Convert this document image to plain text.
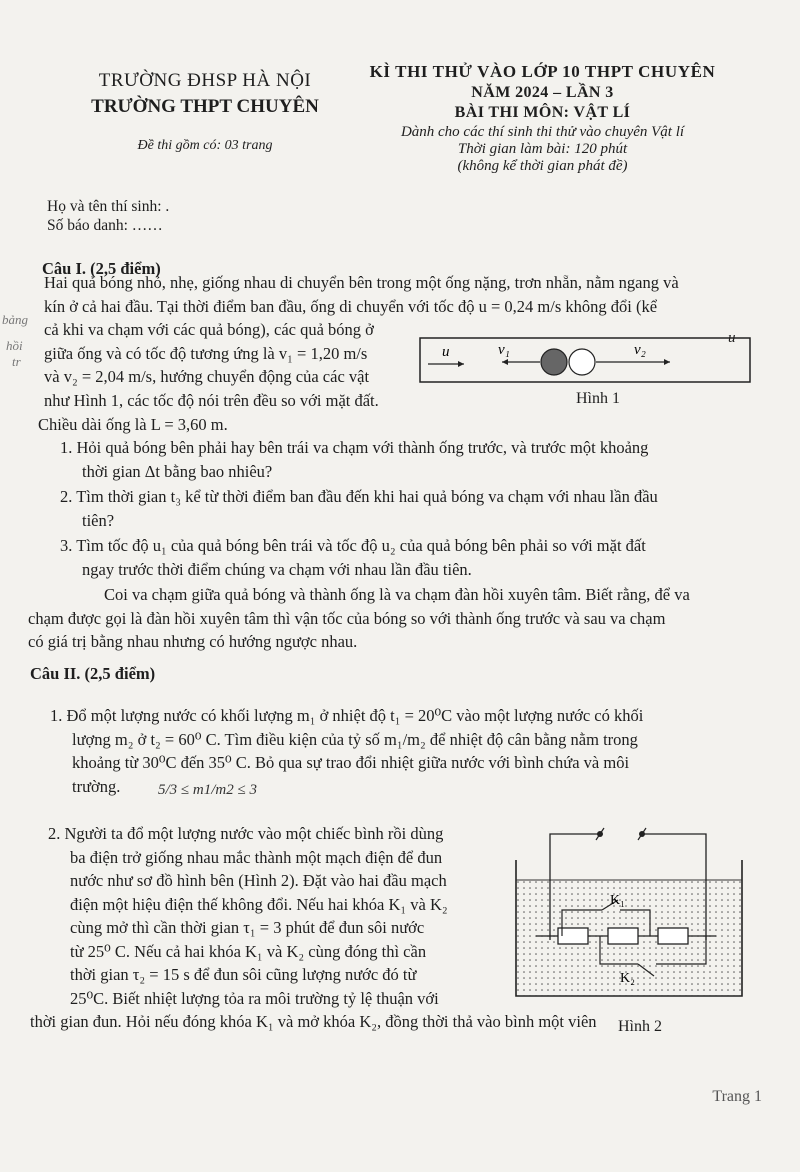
TRƯỜNG ĐHSP HÀ NỘI
TRƯỜNG THPT CHUYÊN
Đề thi gồm có: 03 trang
KÌ THI THỬ VÀO LỚP 10 THPT CHUYÊN
NĂM 2024 – LẦN 3
BÀI THI MÔN: VẬT LÍ
Dành cho các thí sinh thi thử vào chuyên Vật lí
Thời gian làm bài: 120 phút
(không kể thời gian phát đề)
Họ và tên thí sinh: .
Số báo danh: ……
bảng
hồi
tr
Câu I. (2,5 điểm)
Hai quả bóng nhỏ, nhẹ, giống nhau di chuyển bên trong một ống nặng, trơn nhẵn, nằm ngang và
kín ở cả hai đầu. Tại thời điểm ban đầu, ống di chuyển với tốc độ u = 0,24 m/s không đổi (kể
cả khi va chạm với các quả bóng), các quả bóng ở
giữa ống và có tốc độ tương ứng là v₁ = 1,20 m/s
và v₂ = 2,04 m/s, hướng chuyển động của các vật
như Hình 1, các tốc độ nói trên đều so với mặt đất.
Chiều dài ống là L = 3,60 m.
u	v₁	v₂
u
Hình 1
1. Hỏi quả bóng bên phải hay bên trái va chạm với thành ống trước, và trước một khoảng
thời gian Δt bằng bao nhiêu?
2. Tìm thời gian t₃ kể từ thời điểm ban đầu đến khi hai quả bóng va chạm với nhau lần đầu
tiên?
3. Tìm tốc độ u₁ của quả bóng bên trái và tốc độ u₂ của quả bóng bên phải so với mặt đất
ngay trước thời điểm chúng va chạm với nhau lần đầu tiên.
Coi va chạm giữa quả bóng và thành ống là va chạm đàn hồi xuyên tâm. Biết rằng, để va
chạm được gọi là đàn hồi xuyên tâm thì vận tốc của bóng so với thành ống trước và sau va chạm
có giá trị bằng nhau nhưng có hướng ngược nhau.
Câu II. (2,5 điểm)
1. Đổ một lượng nước có khối lượng m₁ ở nhiệt độ t₁ = 20⁰C vào một lượng nước có khối
lượng m₂ ở t₂ = 60⁰ C. Tìm điều kiện của tỷ số m₁/m₂ để nhiệt độ cân bằng nằm trong
khoảng từ 30⁰C đến 35⁰ C. Bỏ qua sự trao đổi nhiệt giữa nước với bình chứa và môi
trường.	5/3 ≤ m1/m2 ≤ 3
2. Người ta đổ một lượng nước vào một chiếc bình rồi dùng
ba điện trở giống nhau mắc thành một mạch điện để đun
nước như sơ đồ hình bên (Hình 2). Đặt vào hai đầu mạch
điện một hiệu điện thế không đổi. Nếu hai khóa K₁ và K₂
cùng mở thì cần thời gian τ₁ = 3 phút để đun sôi nước
từ 25⁰ C. Nếu cả hai khóa K₁ và K₂ cùng đóng thì cần
thời gian τ₂ = 15 s để đun sôi cũng lượng nước đó từ
25⁰C. Biết nhiệt lượng tỏa ra môi trường tỷ lệ thuận với
thời gian đun. Hỏi nếu đóng khóa K₁ và mở khóa K₂, đồng thời thả vào bình một viên
K₁
K₂
Hình 2
Trang 1
